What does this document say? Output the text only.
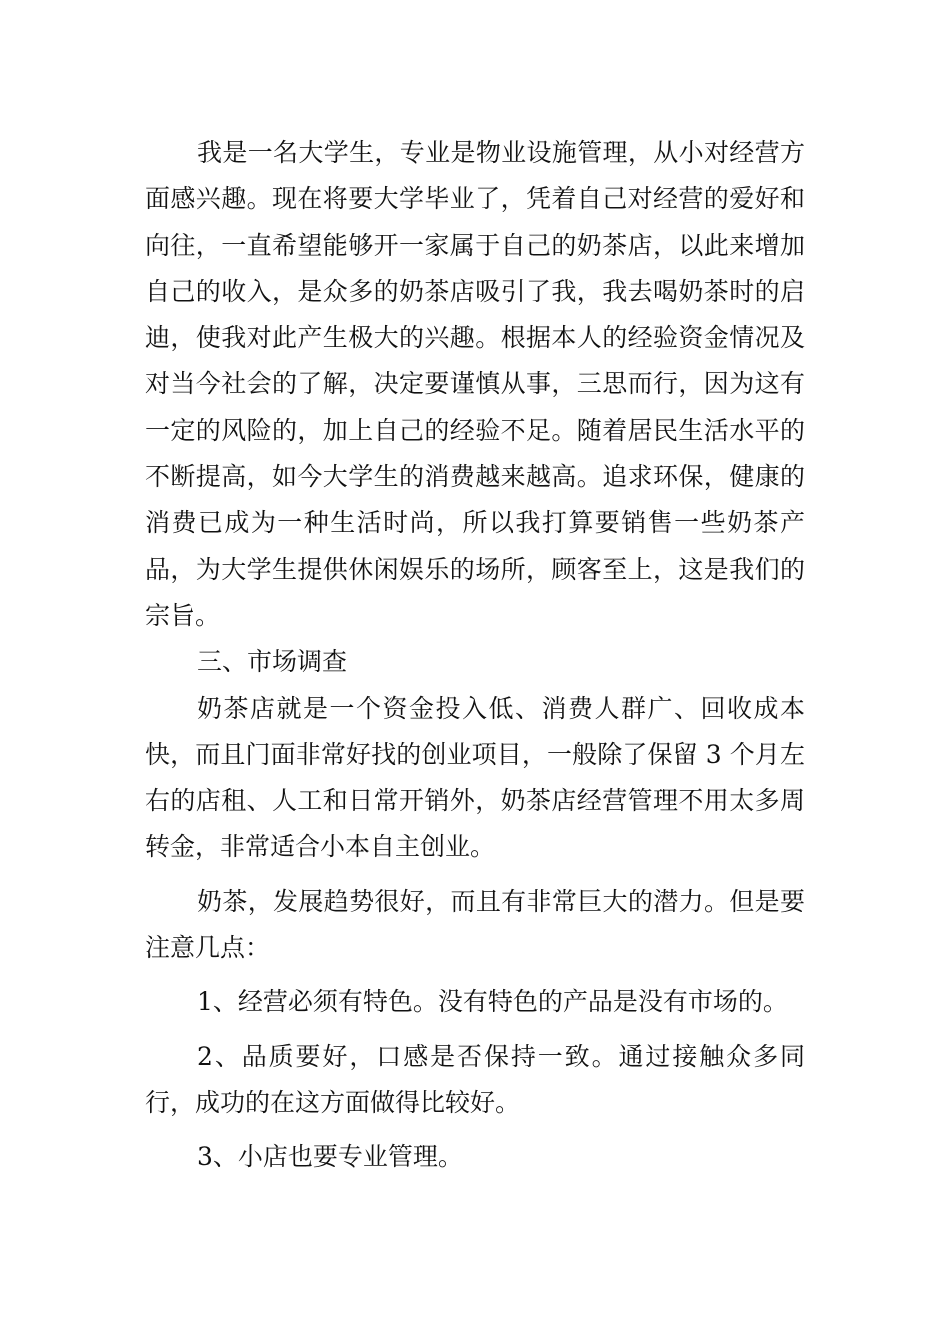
我是一名大学生，专业是物业设施管理，从小对经营方面感兴趣。现在将要大学毕业了，凭着自己对经营的爱好和向往，一直希望能够开一家属于自己的奶茶店，以此来增加自己的收入，是众多的奶茶店吸引了我，我去喝奶茶时的启迪，使我对此产生极大的兴趣。根据本人的经验资金情况及对当今社会的了解，决定要谨慎从事，三思而行，因为这有一定的风险的，加上自己的经验不足。随着居民生活水平的不断提高，如今大学生的消费越来越高。追求环保，健康的消费已成为一种生活时尚，所以我打算要销售一些奶茶产品，为大学生提供休闲娱乐的场所，顾客至上，这是我们的宗旨。

三、市场调查

奶茶店就是一个资金投入低、消费人群广、回收成本快，而且门面非常好找的创业项目，一般除了保留 3 个月左右的店租、人工和日常开销外，奶茶店经营管理不用太多周转金，非常适合小本自主创业。

奶茶，发展趋势很好，而且有非常巨大的潜力。但是要注意几点：

1、经营必须有特色。没有特色的产品是没有市场的。

2、品质要好，口感是否保持一致。通过接触众多同行，成功的在这方面做得比较好。

3、小店也要专业管理。
